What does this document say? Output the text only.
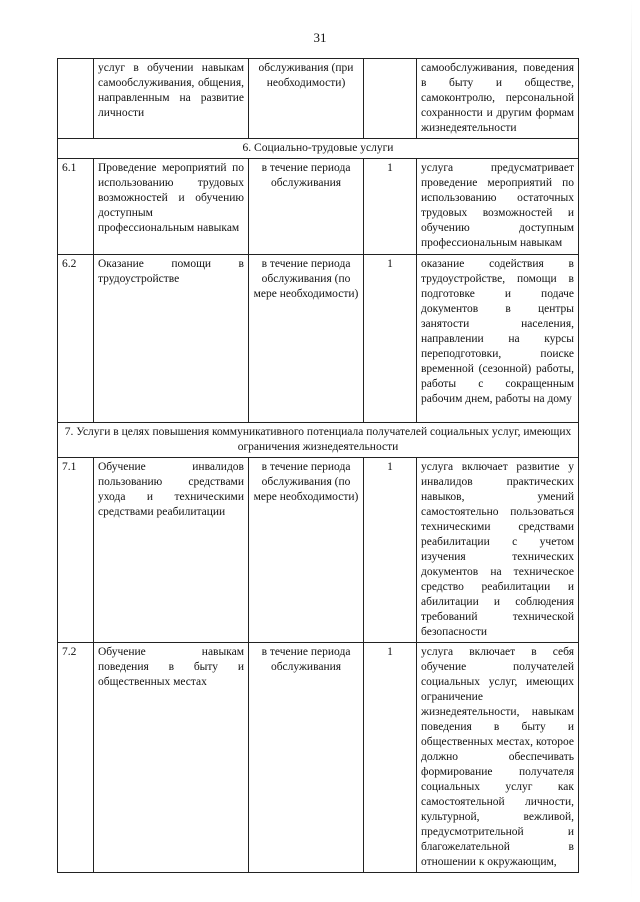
31
	услуг в обучении навыкам самообслуживания, общения, направленным на развитие личности	обслуживания (при необходимости)		самообслуживания, поведения в быту и обществе, самоконтролю, персональной сохранности и другим формам жизнедеятельности
6. Социально-трудовые услуги				
6.1	Проведение мероприятий по использованию трудовых возможностей и обучению доступным профессиональным навыкам	в течение периода обслуживания	1	услуга предусматривает проведение мероприятий по использованию остаточных трудовых возможностей и обучению доступным профессиональным навыкам
6.2	Оказание помощи в трудоустройстве	в течение периода обслуживания (по мере необходимости)	1	оказание содействия в трудоустройстве, помощи в подготовке и подаче документов в центры занятости населения, направлении на курсы переподготовки, поиске временной (сезонной) работы, работы с сокращенным рабочим днем, работы на дому
7. Услуги в целях повышения коммуникативного потенциала получателей социальных услуг, имеющих ограничения жизнедеятельности				
7.1	Обучение инвалидов пользованию средствами ухода и техническими средствами реабилитации	в течение периода обслуживания (по мере необходимости)	1	услуга включает развитие у инвалидов практических навыков, умений самостоятельно пользоваться техническими средствами реабилитации с учетом изучения технических документов на техническое средство реабилитации и абилитации и соблюдения требований технической безопасности
7.2	Обучение навыкам поведения в быту и общественных местах	в течение периода обслуживания	1	услуга включает в себя обучение получателей социальных услуг, имеющих ограничение жизнедеятельности, навыкам поведения в быту и общественных местах, которое должно обеспечивать формирование получателя социальных услуг как самостоятельной личности, культурной, вежливой, предусмотрительной и благожелательной в отношении к окружающим,
